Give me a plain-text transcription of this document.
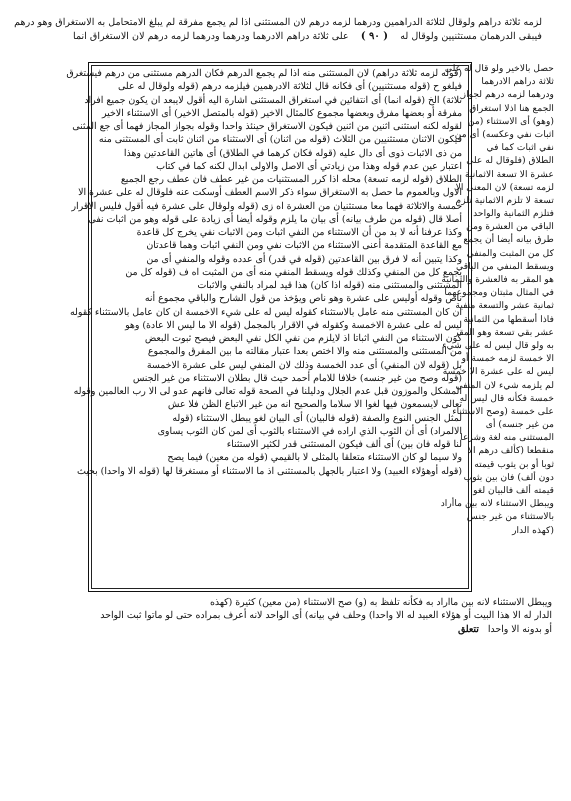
لزمه ثلاثة دراهم ولوقال لثلاثة الدراهمين ودرهما لزمه درهم لان المستثنى اذا لم يجمع مفرقة لم يبلغ الامتحامل به الاستغراق وهو درهم
فيبقى الدرهمان مستثنيين ولوقال له    ( ٩٠ )    على ثلاثة دراهم الادرهما ودرهما ودرهما لزمه درهم لان الاستغراق انما
(قوله لزمه ثلاثة دراهم) لان المستثنى منه اذا لم يجمع الدرهم فكان الدرهم مستثنى من درهم فيستغرق
فيلغو ح (قوله مستثنيين) أى فكانه قال لثلاثة الادرهمين فيلزمه درهم (قوله ولوقال له على
ثلاثة) الخ (قوله انما) أى انتفائين في استغراق المستثنى اشارة اليه أقول لايبعد ان يكون جميع افراد
مفرقة أو بعضها مفرق وبعضها مجموع كالمثال الاخير (قوله بالمتصل الاخير) أى الاستثناء الاخير
لقوله لكنه استثنى اثنين من اثنين فيكون الاستغراق حينئذ واحدا وقوله بجواز المجاز فهما أى جع المثنى
فيكون الاثنان مستثنيين من الثلاث (قوله من اثنان) أى الاستثناء من اثنان ثابت أى المستثنى منه
من ذى الاثبات ذوى أى دال عليه (قوله فكان كرهما في الطلاق) أى هاتين القاعدتين وهذا
اعتبار عين عدم قوله وهذا من زيادتي أى الاصل والاولى ابدال لكنه كما في كتاب
الطلاق (قوله لزمه تسعة) محله اذا كرر المستثنيات من غير عطف فان عطف رجع الجميع
الاول وبالعموم ما حصل به الاستغراق سواء ذكر الاسم العطف أوسكت عنه فلوقال له على عشرة الا
خمسة والاثلاثة فهما معا مستثنيان من العشرة اه زى (قوله ولوقال على عشرة فيه أقول فليس الاقرار
أصلا قال (قوله من طرف بيانه) أى بيان ما يلزم وقوله أيضا أى زيادة على قوله وهو من اثبات نفى
وكذا عرفنا أنه لا بد من أن الاستثناء من النفي اثبات ومن الاثبات نفي يخرج كل قاعدة
مع القاعدة المتقدمة أعنى الاستثناء من الاثبات نفي ومن النفي اثبات وهما قاعدتان
وكذا يتبين أنه لا فرق بين القاعدتين (قوله في قدر) أى عدده وقوله والمنفي أى من
يجمع كل من المنفي وكذلك قوله ويسقط المنفي منه أى من المثبت اه ف (قوله كل من
المستثنى والمستثنى منه (قوله اذا كان) هذا قيد لمراد بالنفي والاثبات
ناص وقوله أوليس على عشرة وهو ناص ويؤخذ من قول الشارح والباقي مجموع أنه
ان كان المستثنى منه عامل بالاستثناء كقوله ليس له على شيء الاخمسة ان كان عامل بالاستثناء كقوله
ليس له على عشرة الاخمسة وكقوله في الاقرار بالمجمل (قوله الا ما ليس الا عادة) وهو
كون الاستثناء من النفي اثباتا اذ لايلزم من نفي الكل نفي البعض فيصح ثبوت البعض
من المستثنى والمستثنى منه والا اختص بعدا عتبار مقالته ما بين المفرق والمجموع
بل (قوله لان المنفي) أى عدد الخمسة وذلك لان المنفي ليس على عشرة الاخمسة
(قوله وصح من غير جنسه) خلافا للامام أحمد حيث قال بطلان الاستثناء من غير الجنس
المشكل والموزون قبل عدم الجلال ودليلنا في الصحة قوله تعالى فانهم عدو لى الا رب العالمين وقوله
تعالى لايسمعون فيها لغوا الا سلاما والصحيح انه من غير الاتباع الظن فلا عش
لمثل الجنس النوع والصفة (قوله فالبيان) أى البيان لغو يبطل الاستثناء (قوله
الالمراد) أى أن الثوب الذي اراده في الاستثناء بالثوب أى لمن كان الثوب يساوى
لنا قوله فان بين) أى ألف فيكون المستثنى قدر لكثير الاستثناء
ولا سيما لو كان الاستثناء متعلقا بالمثلى لا بالقيمي (قوله من معين) فيما يصح
(قوله أوهؤلاء العبيد) ولا اعتبار بالجهل بالمستثنى اذ ما الاستثناء أو مستغرقا لها (قوله الا واحدا) بحيث
حصل بالاخير ولو قال له على
ثلاثة دراهم الادرهما
ودرهما لزمه درهم لجواز
الجمع هنا اذلا استغراق
(وهو) أى الاستثناء (من
اثبات نفي وعكسه) أى من
نفي اثبات كما في
الطلاق (فلوقال له على
عشرة الا تسعة الاثمانية
لزمه تسعة) لان المعنى الا
تسعة لا تلزم الاثمانية تلزم
فتلزم الثمانية والواحد
الباقي من العشرة ومن
طرق بيانه أيضا أن يجمع
كل من المثبت والمنفي
ويسقط المنفي من الباقي
هو المقر به فالعشرة والثمانية
في المثال مثبتان ومجموعهما
ثمانية عشر والتسعة منفية
فاذا أسقطها من الثمانية
عشر بقي تسعة وهو المقر
به ولو قال ليس له على شيء
الا خمسة لزمه خمسة أو
ليس له على عشرة الا خمسة
لم يلزمه شيء لان المنفي
خمسة فكأنه قال ليس له
على خمسة (وصح الاستثناء
من غير جنسه) أى
المستثنى منه لغة وشرعا
منقطعا (كألف درهم الا
ثوبا أو بن يثوب قيمته
دون ألف) فان بين بثوب
قيمته ألف فالبيان لغو
ويبطل الاستثناء لانه بين ماأراد
بالاستثناء من غير جنس
(كهذه الدار
ويبطل الاستثناء لانه بين مااراد به فكأنه تلفظ به (و) صح الاستثناء (من معين) كثيرة (كهذه
الدار له الا هذا البيت أو هؤلاء العبيد له الا واحدا) وحلف في بيانه) أى الواحد لانه أعرف بمراده حتى لو ماتوا ثبت الواحد
أو بدونه الا واحدا   تتعلق
